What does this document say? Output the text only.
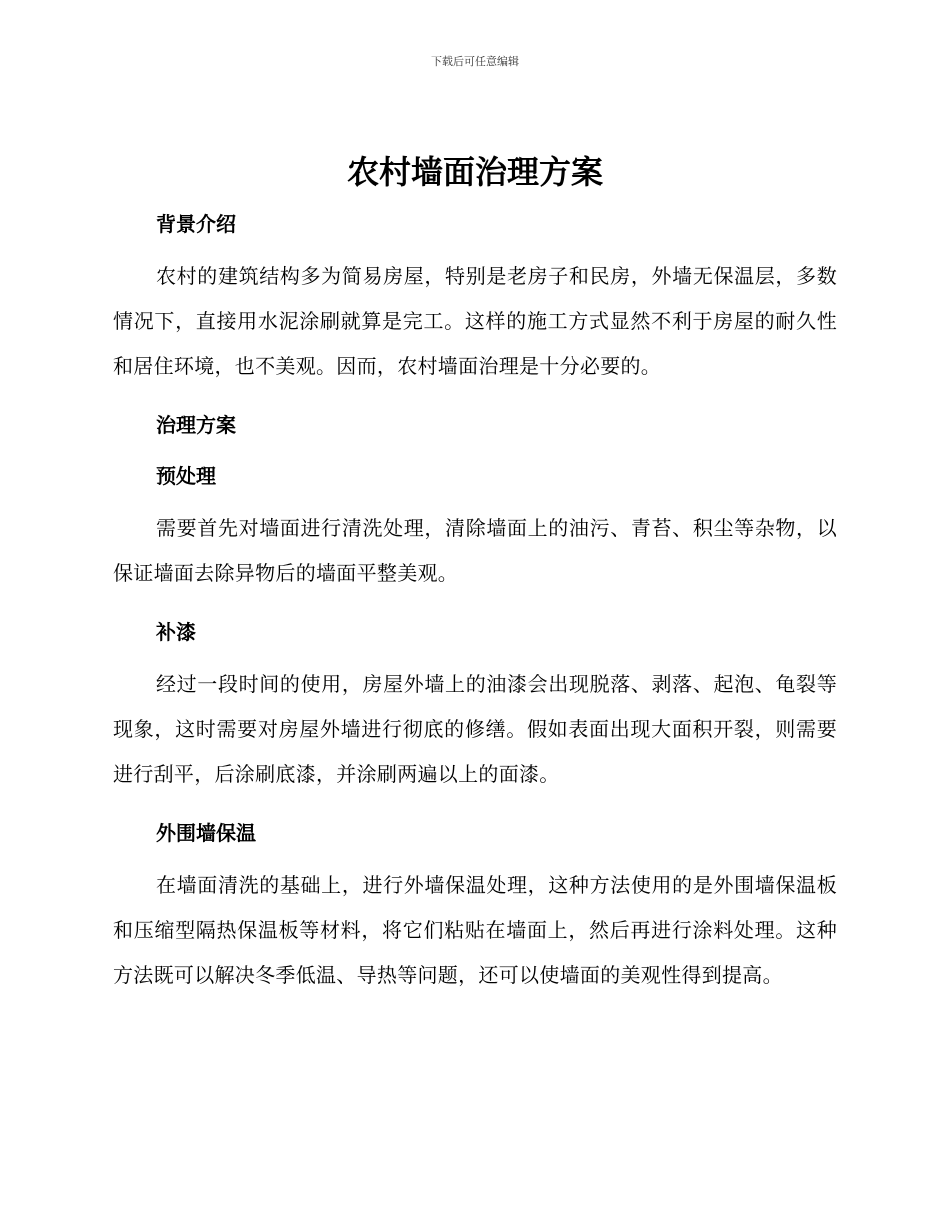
下载后可任意编辑
农村墙面治理方案
背景介绍

农村的建筑结构多为简易房屋，特别是老房子和民房，外墙无保温层，多数情况下，直接用水泥涂刷就算是完工。这样的施工方式显然不利于房屋的耐久性和居住环境，也不美观。因而，农村墙面治理是十分必要的。

治理方案
预处理

需要首先对墙面进行清洗处理，清除墙面上的油污、青苔、积尘等杂物，以保证墙面去除异物后的墙面平整美观。

补漆

经过一段时间的使用，房屋外墙上的油漆会出现脱落、剥落、起泡、龟裂等现象，这时需要对房屋外墙进行彻底的修缮。假如表面出现大面积开裂，则需要进行刮平，后涂刷底漆，并涂刷两遍以上的面漆。

外围墙保温

在墙面清洗的基础上，进行外墙保温处理，这种方法使用的是外围墙保温板和压缩型隔热保温板等材料，将它们粘贴在墙面上，然后再进行涂料处理。这种方法既可以解决冬季低温、导热等问题，还可以使墙面的美观性得到提高。
